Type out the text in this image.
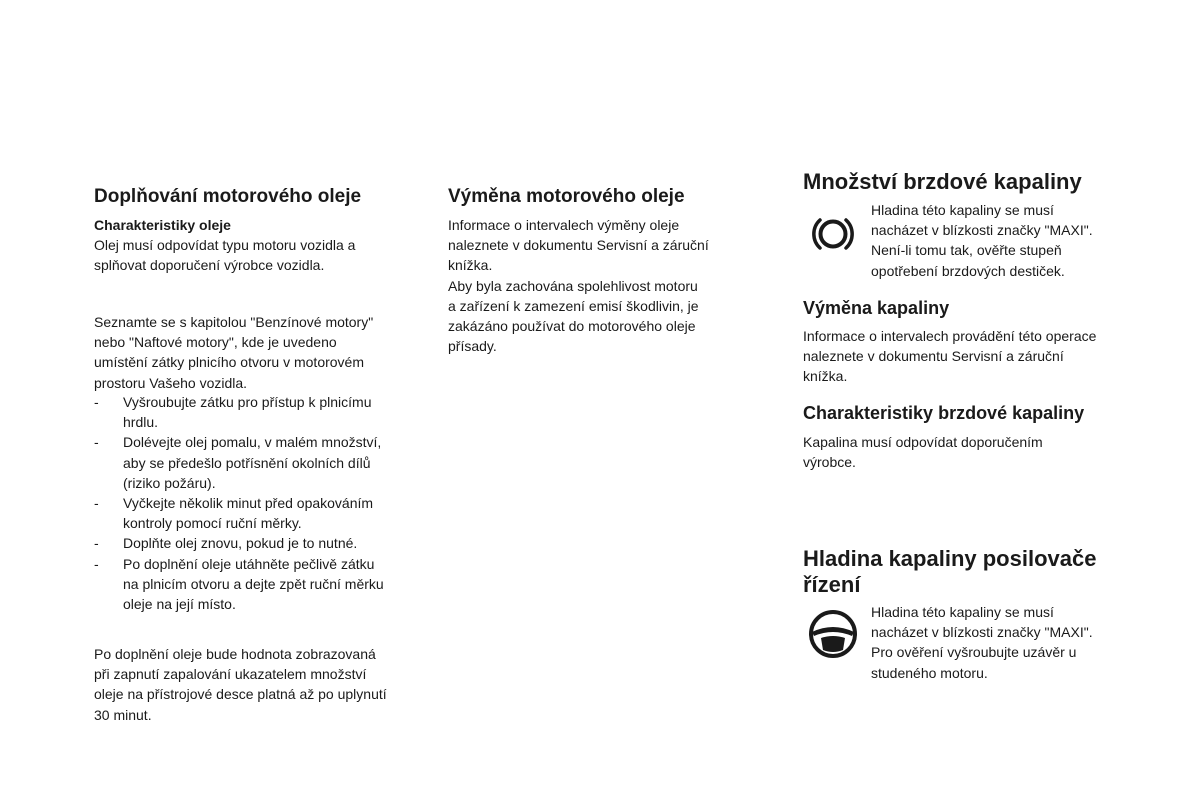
Doplňování motorového oleje

Charakteristiky oleje

Olej musí odpovídat typu motoru vozidla a

splňovat doporučení výrobce vozidla.

Seznamte se s kapitolou "Benzínové motory"

nebo "Naftové motory", kde je uvedeno

umístění zátky plnicího otvoru v motorovém

prostoru Vašeho vozidla.

- Vyšroubujte zátku pro přístup k plnicímu
hrdlu.
- Dolévejte olej pomalu, v malém množství,
aby se předešlo potřísnění okolních dílů
(riziko požáru).
- Vyčkejte několik minut před opakováním
kontroly pomocí ruční měrky.
- Doplňte olej znovu, pokud je to nutné.
- Po doplnění oleje utáhněte pečlivě zátku
na plnicím otvoru a dejte zpět ruční měrku
oleje na její místo.

Po doplnění oleje bude hodnota zobrazovaná

při zapnutí zapalování ukazatelem množství

oleje na přístrojové desce platná až po uplynutí

30 minut.

Výměna motorového oleje

Informace o intervalech výměny oleje

naleznete v dokumentu Servisní a záruční

knížka.

Aby byla zachována spolehlivost motoru

a zařízení k zamezení emisí škodlivin, je

zakázáno používat do motorového oleje

přísady.

Množství brzdové kapaliny

Hladina této kapaliny se musí

nacházet v blízkosti značky "MAXI".

Není-li tomu tak, ověřte stupeň

opotřebení brzdových destiček.

Výměna kapaliny

Informace o intervalech provádění této operace

naleznete v dokumentu Servisní a záruční

knížka.

Charakteristiky brzdové kapaliny

Kapalina musí odpovídat doporučením

výrobce.

Hladina kapaliny posilovače
řízení

Hladina této kapaliny se musí

nacházet v blízkosti značky "MAXI".

Pro ověření vyšroubujte uzávěr u

studeného motoru.
